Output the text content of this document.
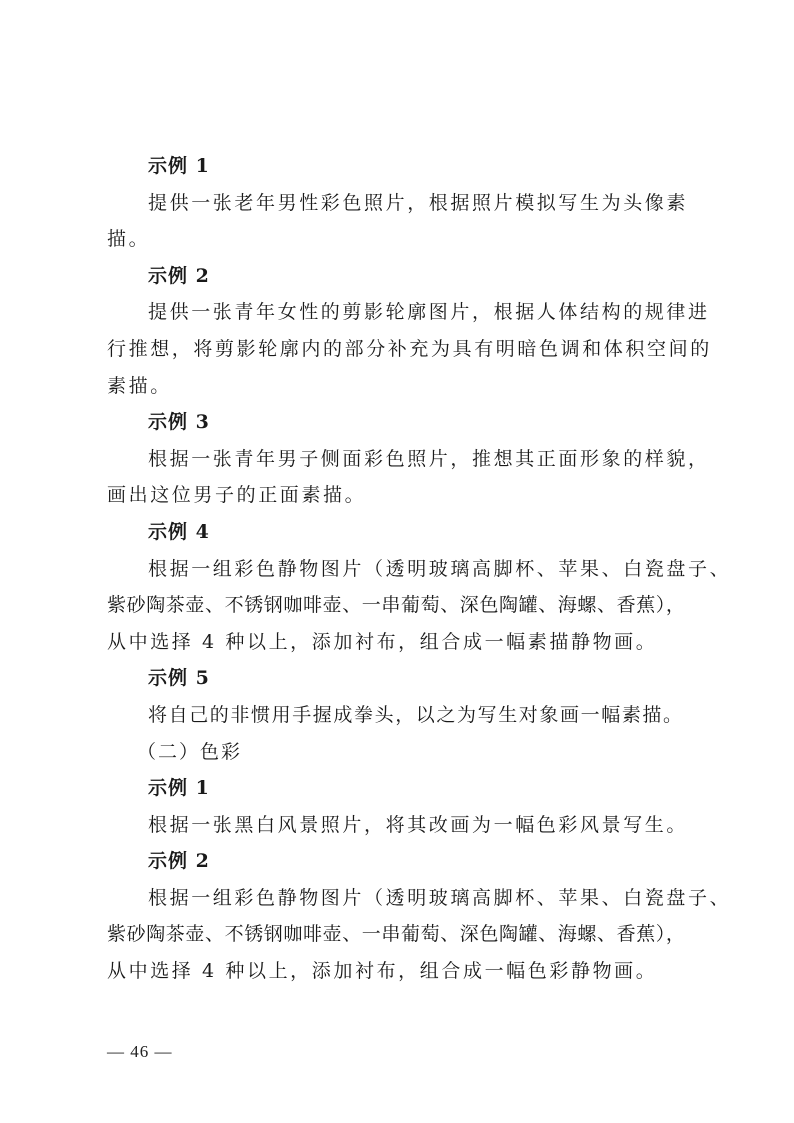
示例 1
提供一张老年男性彩色照片，根据照片模拟写生为头像素
描。
示例 2
提供一张青年女性的剪影轮廓图片，根据人体结构的规律进
行推想，将剪影轮廓内的部分补充为具有明暗色调和体积空间的
素描。
示例 3
根据一张青年男子侧面彩色照片，推想其正面形象的样貌，
画出这位男子的正面素描。
示例 4
根据一组彩色静物图片（透明玻璃高脚杯、苹果、白瓷盘子、
紫砂陶茶壶、不锈钢咖啡壶、一串葡萄、深色陶罐、海螺、香蕉），
从中选择 4 种以上，添加衬布，组合成一幅素描静物画。
示例 5
将自己的非惯用手握成拳头，以之为写生对象画一幅素描。
（二）色彩
示例 1
根据一张黑白风景照片，将其改画为一幅色彩风景写生。
示例 2
根据一组彩色静物图片（透明玻璃高脚杯、苹果、白瓷盘子、
紫砂陶茶壶、不锈钢咖啡壶、一串葡萄、深色陶罐、海螺、香蕉），
从中选择 4 种以上，添加衬布，组合成一幅色彩静物画。
— 46 —
